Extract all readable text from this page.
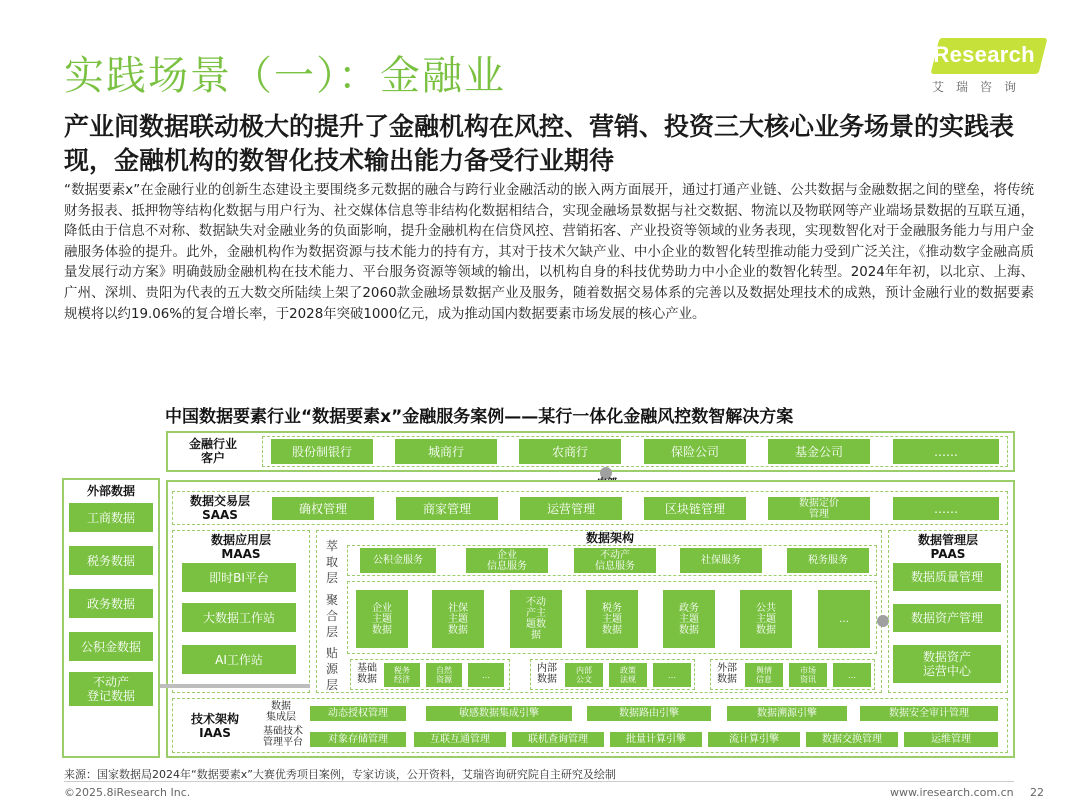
实践场景（一）：金融业	iResearch
艾瑞咨询
产业间数据联动极大的提升了金融机构在风控、营销、投资三大核心业务场景的实践表现，金融机构的数智化技术输出能力备受行业期待
“数据要素x”在金融行业的创新生态建设主要围绕多元数据的融合与跨行业金融活动的嵌入两方面展开，通过打通产业链、公共数据与金融数据之间的壁垒，将传统财务报表、抵押物等结构化数据与用户行为、社交媒体信息等非结构化数据相结合，实现金融场景数据与社交数据、物流以及物联网等产业端场景数据的互联互通，降低由于信息不对称、数据缺失对金融业务的负面影响，提升金融机构在信贷风控、营销拓客、产业投资等领域的业务表现，实现数智化对于金融服务能力与用户金融服务体验的提升。此外，金融机构作为数据资源与技术能力的持有方，其对于技术欠缺产业、中小企业的数智化转型推动能力受到广泛关注，《推动数字金融高质量发展行动方案》明确鼓励金融机构在技术能力、平台服务资源等领域的输出，以机构自身的科技优势助力中小企业的数智化转型。2024年年初，以北京、上海、广州、深圳、贵阳为代表的五大数交所陆续上架了2060款金融场景数据产业及服务，随着数据交易体系的完善以及数据处理技术的成熟，预计金融行业的数据要素规模将以约19.06%的复合增长率，于2028年突破1000亿元，成为推动国内数据要素市场发展的核心产业。
中国数据要素行业“数据要素x”金融服务案例——某行一体化金融风控数智解决方案
金融行业
客户	股份制银行	城商行	农商行	保险公司	基金公司	……
外部数据
工商数据
税务数据
政务数据
公积金数据
不动产
登记数据
数据交易层
SAAS	确权管理	商家管理	运营管理	区块链管理	数据定价
管理	……
数据应用层
MAAS
即时BI平台
大数据工作站
AI工作站
数据架构
萃
取
层
聚
合
层
贴
源
层
公积金服务	企业
信息服务
不动产
信息服务	社保服务	税务服务
企业
主题
数据
社保
主题
数据
不动
产主
题数
据
税务
主题
数据
政务
主题
数据
公共
主题
数据
…
基础
数据
税务
经济
自然
资源	…
内部
数据
内部
公文
政策
法规	…
外部
数据
舆情
信息
市场
资讯	…
数据管理层
PAAS
数据质量管理
数据资产管理
数据资产
运营中心
技术架构
IAAS
数据
集成层	动态授权管理	敏感数据集成引擎	数据路由引擎	数据溯源引擎	数据安全审计管理
基础技术
管理平台	对象存储管理	互联互通管理	联机查询管理	批量计算引擎	流计算引擎	数据交换管理	运维管理
来源：国家数据局2024年“数据要素x”大赛优秀项目案例，专家访谈，公开资料，艾瑞咨询研究院自主研究及绘制
©2025.8iResearch Inc.	www.iresearch.com.cn 22
